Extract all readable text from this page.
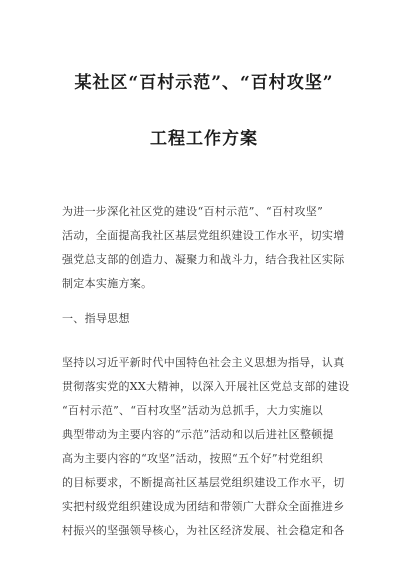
某社区“百村示范”、“百村攻坚”
工程工作方案
为进一步深化社区党的建设“百村示范”、“百村攻坚”
活动，全面提高我社区基层党组织建设工作水平，切实增
强党总支部的创造力、凝聚力和战斗力，结合我社区实际
制定本实施方案。
一、指导思想
坚持以习近平新时代中国特色社会主义思想为指导，认真
贯彻落实党的XX大精神，以深入开展社区党总支部的建设
“百村示范”、“百村攻坚”活动为总抓手，大力实施以
典型带动为主要内容的“示范”活动和以后进社区整顿提
高为主要内容的“攻坚”活动，按照“五个好”村党组织
的目标要求，不断提高社区基层党组织建设工作水平，切
实把村级党组织建设成为团结和带领广大群众全面推进乡
村振兴的坚强领导核心，为社区经济发展、社会稳定和各
